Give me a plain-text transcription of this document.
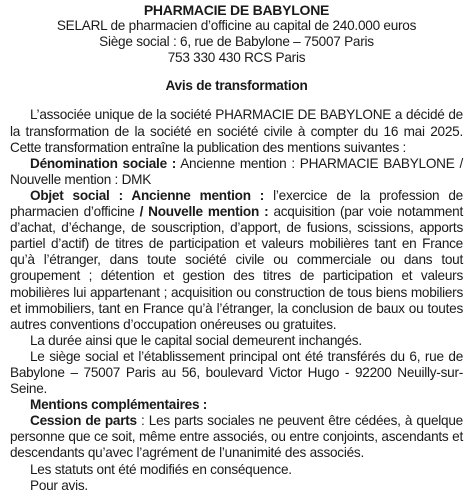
PHARMACIE DE BABYLONE
SELARL de pharmacien d’officine au capital de 240.000 euros
Siège social : 6, rue de Babylone – 75007 Paris
753 330 430 RCS Paris
Avis de transformation
L’associée unique de la société PHARMACIE DE BABYLONE a décidé de la transformation de la société en société civile à compter du 16 mai 2025. Cette transformation entraîne la publication des mentions suivantes :
Dénomination sociale : Ancienne mention : PHARMACIE BABYLONE / Nouvelle mention : DMK
Objet social : Ancienne mention : l’exercice de la profession de pharmacien d’officine / Nouvelle mention : acquisition (par voie notamment d’achat, d’échange, de souscription, d’apport, de fusions, scissions, apports partiel d’actif) de titres de participation et valeurs mobilières tant en France qu’à l’étranger, dans toute société civile ou commerciale ou dans tout groupement ; détention et gestion des titres de participation et valeurs mobilières lui appartenant ; acquisition ou construction de tous biens mobiliers et immobiliers, tant en France qu’à l’étranger, la conclusion de baux ou toutes autres conventions d’occupation onéreuses ou gratuites.
La durée ainsi que le capital social demeurent inchangés.
Le siège social et l’établissement principal ont été transférés du 6, rue de Babylone – 75007 Paris au 56, boulevard Victor Hugo - 92200 Neuilly-sur-Seine.
Mentions complémentaires :
Cession de parts : Les parts sociales ne peuvent être cédées, à quelque personne que ce soit, même entre associés, ou entre conjoints, ascendants et descendants qu’avec l’agrément de l’unanimité des associés.
Les statuts ont été modifiés en conséquence.
Pour avis.
